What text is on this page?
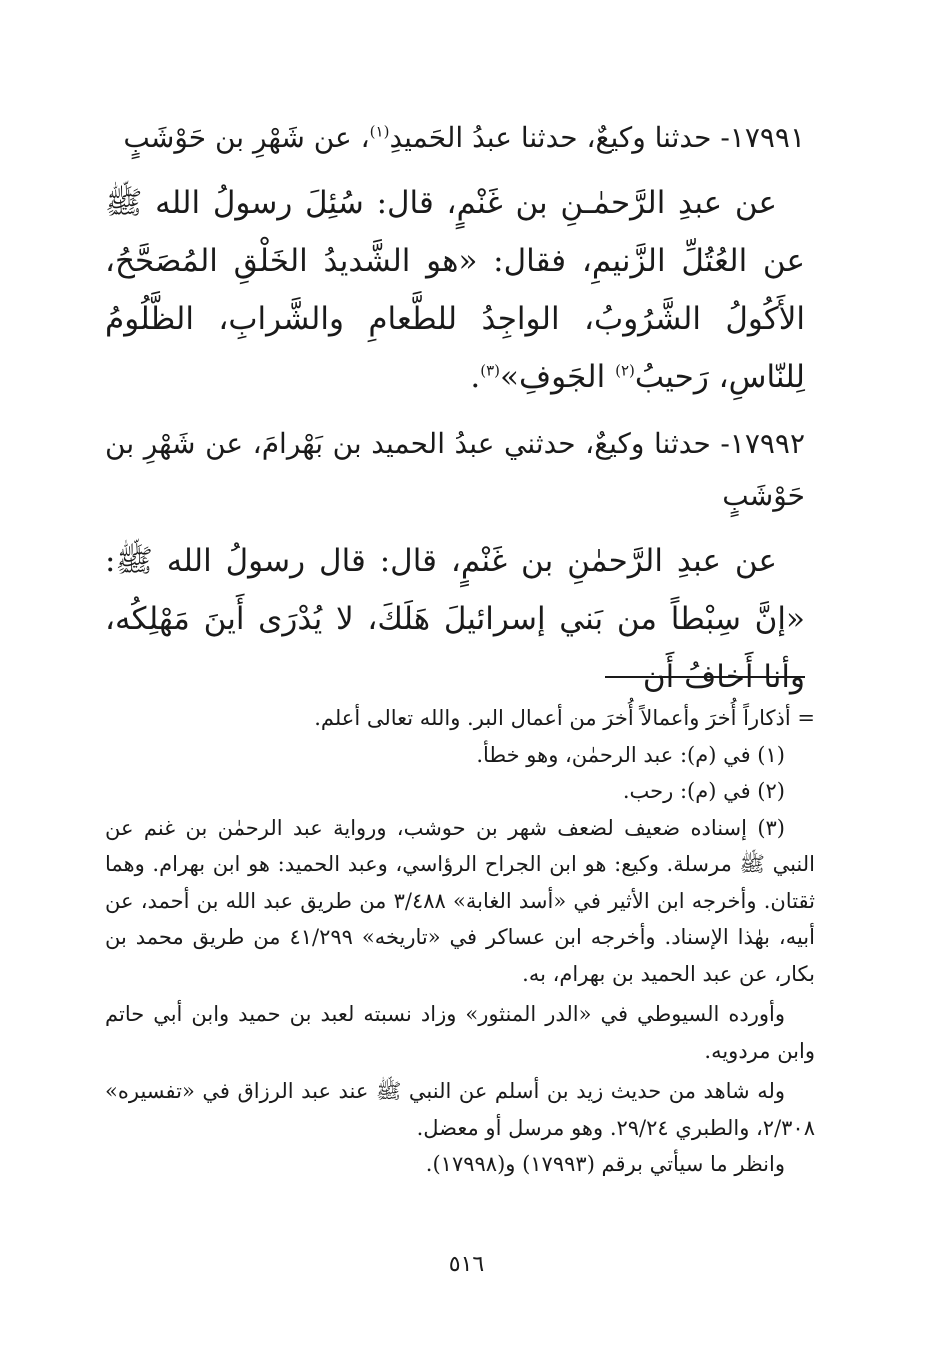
١٧٩٩١- حدثنا وكيعٌ، حدثنا عبدُ الحَميدِ$^{(١)}$، عن شَهْرِ بن حَوْشَبٍ

عن عبدِ الرَّحمٰـنِ بن غَنْمٍ، قال: سُئِلَ رسولُ الله ﷺ عن العُتُلِّ الزَّنيمِ، فقال: «هو الشَّديدُ الخَلْقِ المُصَحَّحُ، الأَكُولُ الشَّرُوبُ، الواجِدُ للطَّعامِ والشَّرابِ، الظَّلُومُ لِلنّاسِ، رَحيبُ$^{(٢)}$ الجَوفِ»$^{(٣)}$.

١٧٩٩٢- حدثنا وكيعٌ، حدثني عبدُ الحميد بن بَهْرامَ، عن شَهْرِ بن حَوْشَبٍ

عن عبدِ الرَّحمٰنِ بن غَنْمٍ، قال: قال رسولُ الله ﷺ: «إنَّ سِبْطاً من بَني إسرائيلَ هَلَكَ، لا يُدْرَى أَينَ مَهْلِكُه، وأنا أَخافُ أَن

= أذكاراً أُخرَ وأعمالاً أُخرَ من أعمال البر. والله تعالى أعلم.

(١) في (م): عبد الرحمٰن، وهو خطأ.

(٢) في (م): رحب.

(٣) إسناده ضعيف لضعف شهر بن حوشب، ورواية عبد الرحمٰن بن غنم عن النبي ﷺ مرسلة. وكيع: هو ابن الجراح الرؤاسي، وعبد الحميد: هو ابن بهرام. وهما ثقتان. وأخرجه ابن الأثير في «أسد الغابة» ٣/٤٨٨ من طريق عبد الله بن أحمد، عن أبيه، بهٰذا الإسناد. وأخرجه ابن عساكر في «تاريخه» ٤١/٢٩٩ من طريق محمد بن بكار، عن عبد الحميد بن بهرام، به.

وأورده السيوطي في «الدر المنثور» وزاد نسبته لعبد بن حميد وابن أبي حاتم وابن مردويه.

وله شاهد من حديث زيد بن أسلم عن النبي ﷺ عند عبد الرزاق في «تفسيره» ٢/٣٠٨، والطبري ٢٩/٢٤. وهو مرسل أو معضل.

وانظر ما سيأتي برقم (١٧٩٩٣) و(١٧٩٩٨).

٥١٦
